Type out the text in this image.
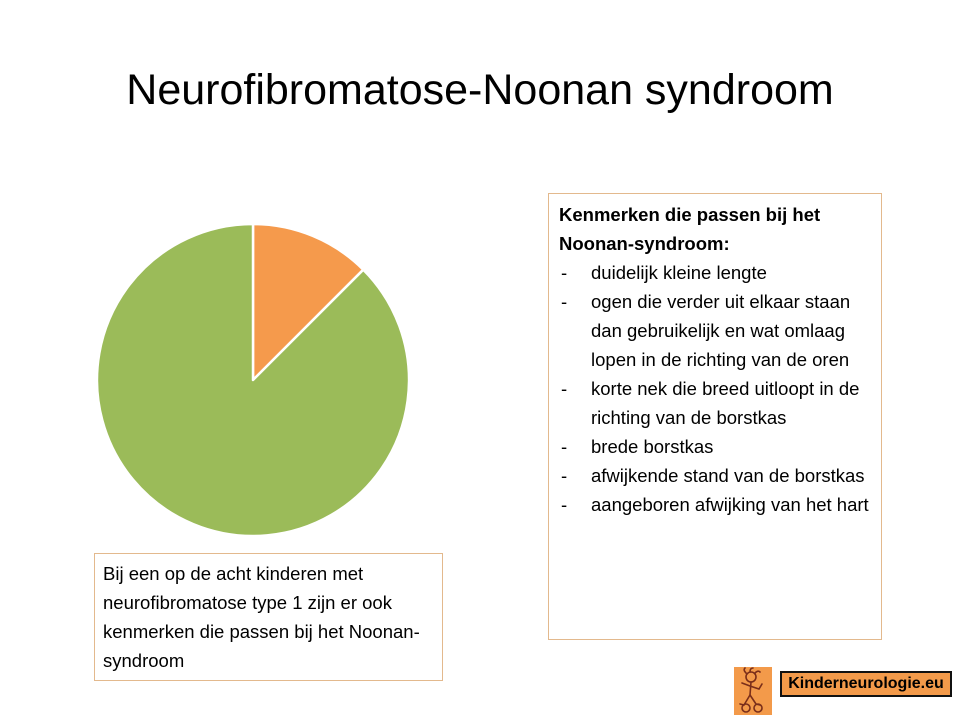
Neurofibromatose-Noonan syndroom
Bij een op de acht kinderen met neurofibromatose type 1 zijn er ook kenmerken die passen bij het Noonan-syndroom
Kenmerken die passen bij het Noonan-syndroom:
- duidelijk kleine lengte
- ogen die verder uit elkaar staan dan gebruikelijk en wat omlaag lopen in de richting van de oren
- korte nek die breed uitloopt in de richting van de borstkas
- brede borstkas
- afwijkende stand van de borstkas
- aangeboren afwijking van het hart
Kinderneurologie.eu
